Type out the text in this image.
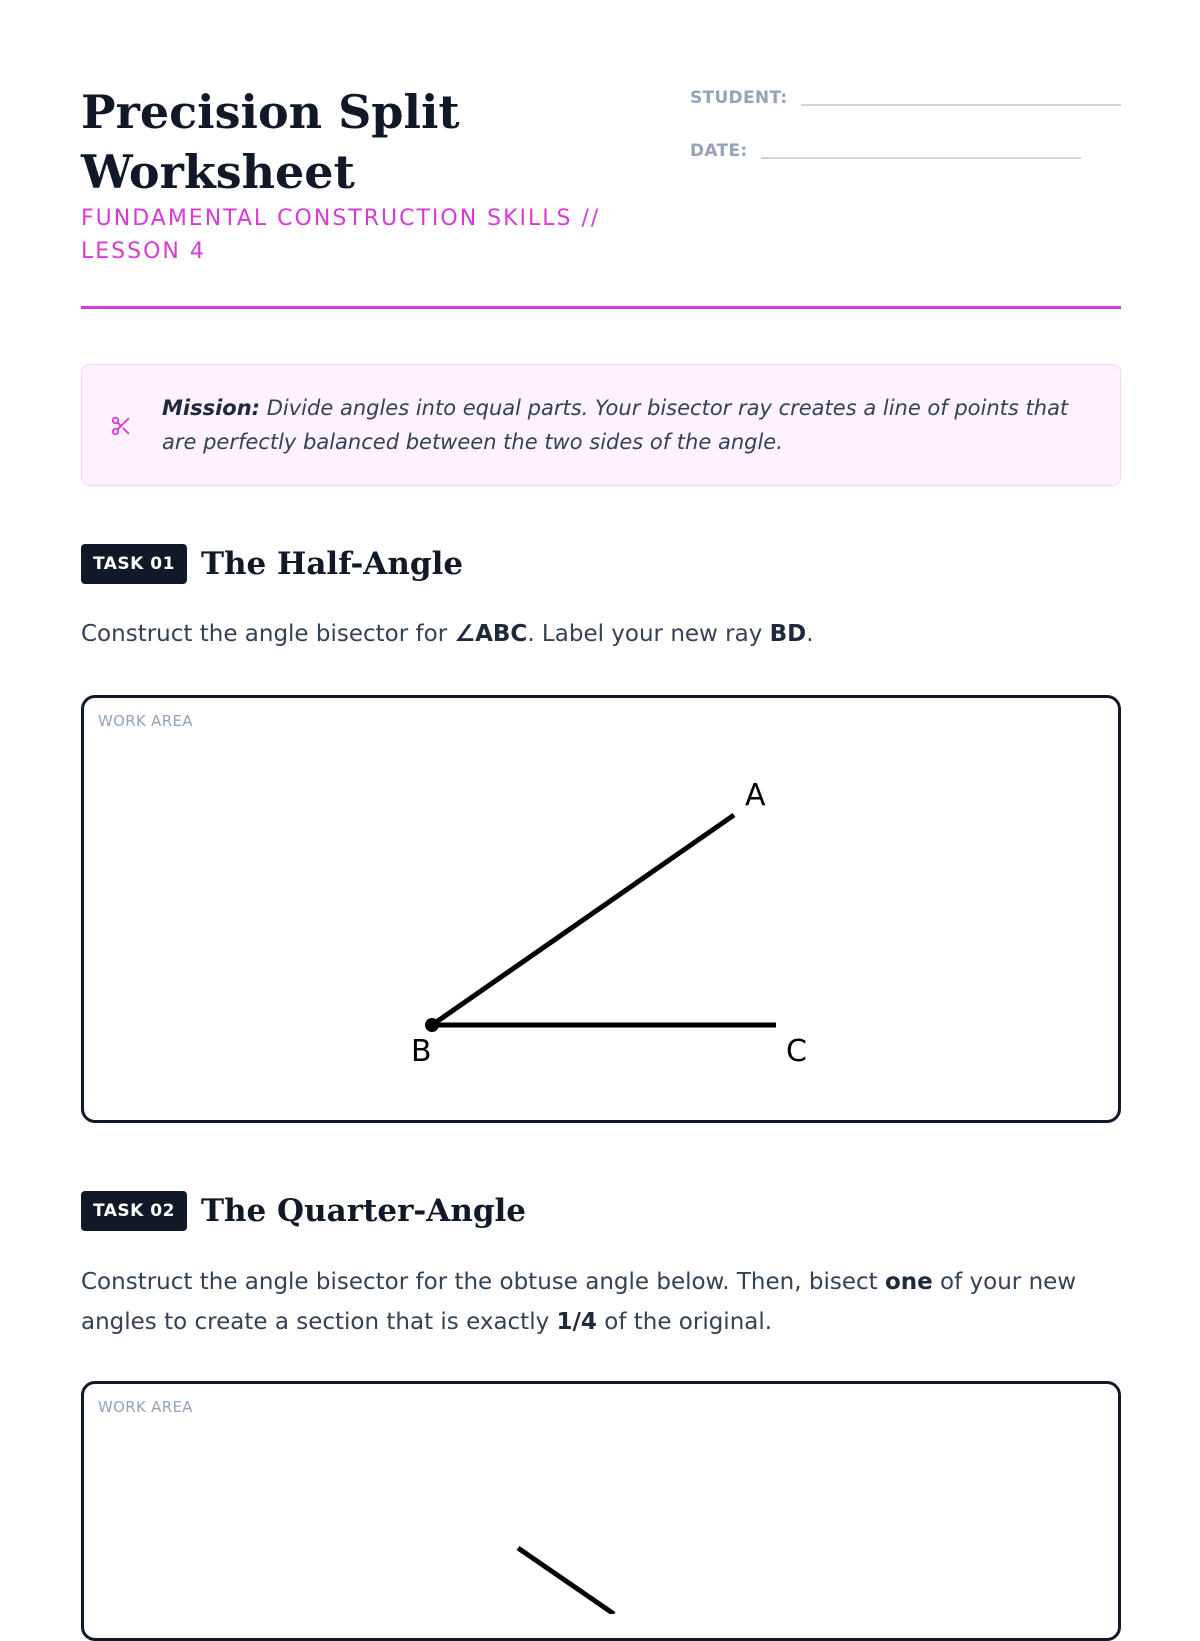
Precision Split Worksheet

FUNDAMENTAL CONSTRUCTION SKILLS // LESSON 4

STUDENT:
DATE:
Mission: Divide angles into equal parts. Your bisector ray creates a line of points that are perfectly balanced between the two sides of the angle.
TASK 01 The Half-Angle
Construct the angle bisector for ∠ABC. Label your new ray BD.
WORK AREA
A
B	C
TASK 02 The Quarter-Angle
Construct the angle bisector for the obtuse angle below. Then, bisect one of your new angles to create a section that is exactly 1/4 of the original.
WORK AREA
